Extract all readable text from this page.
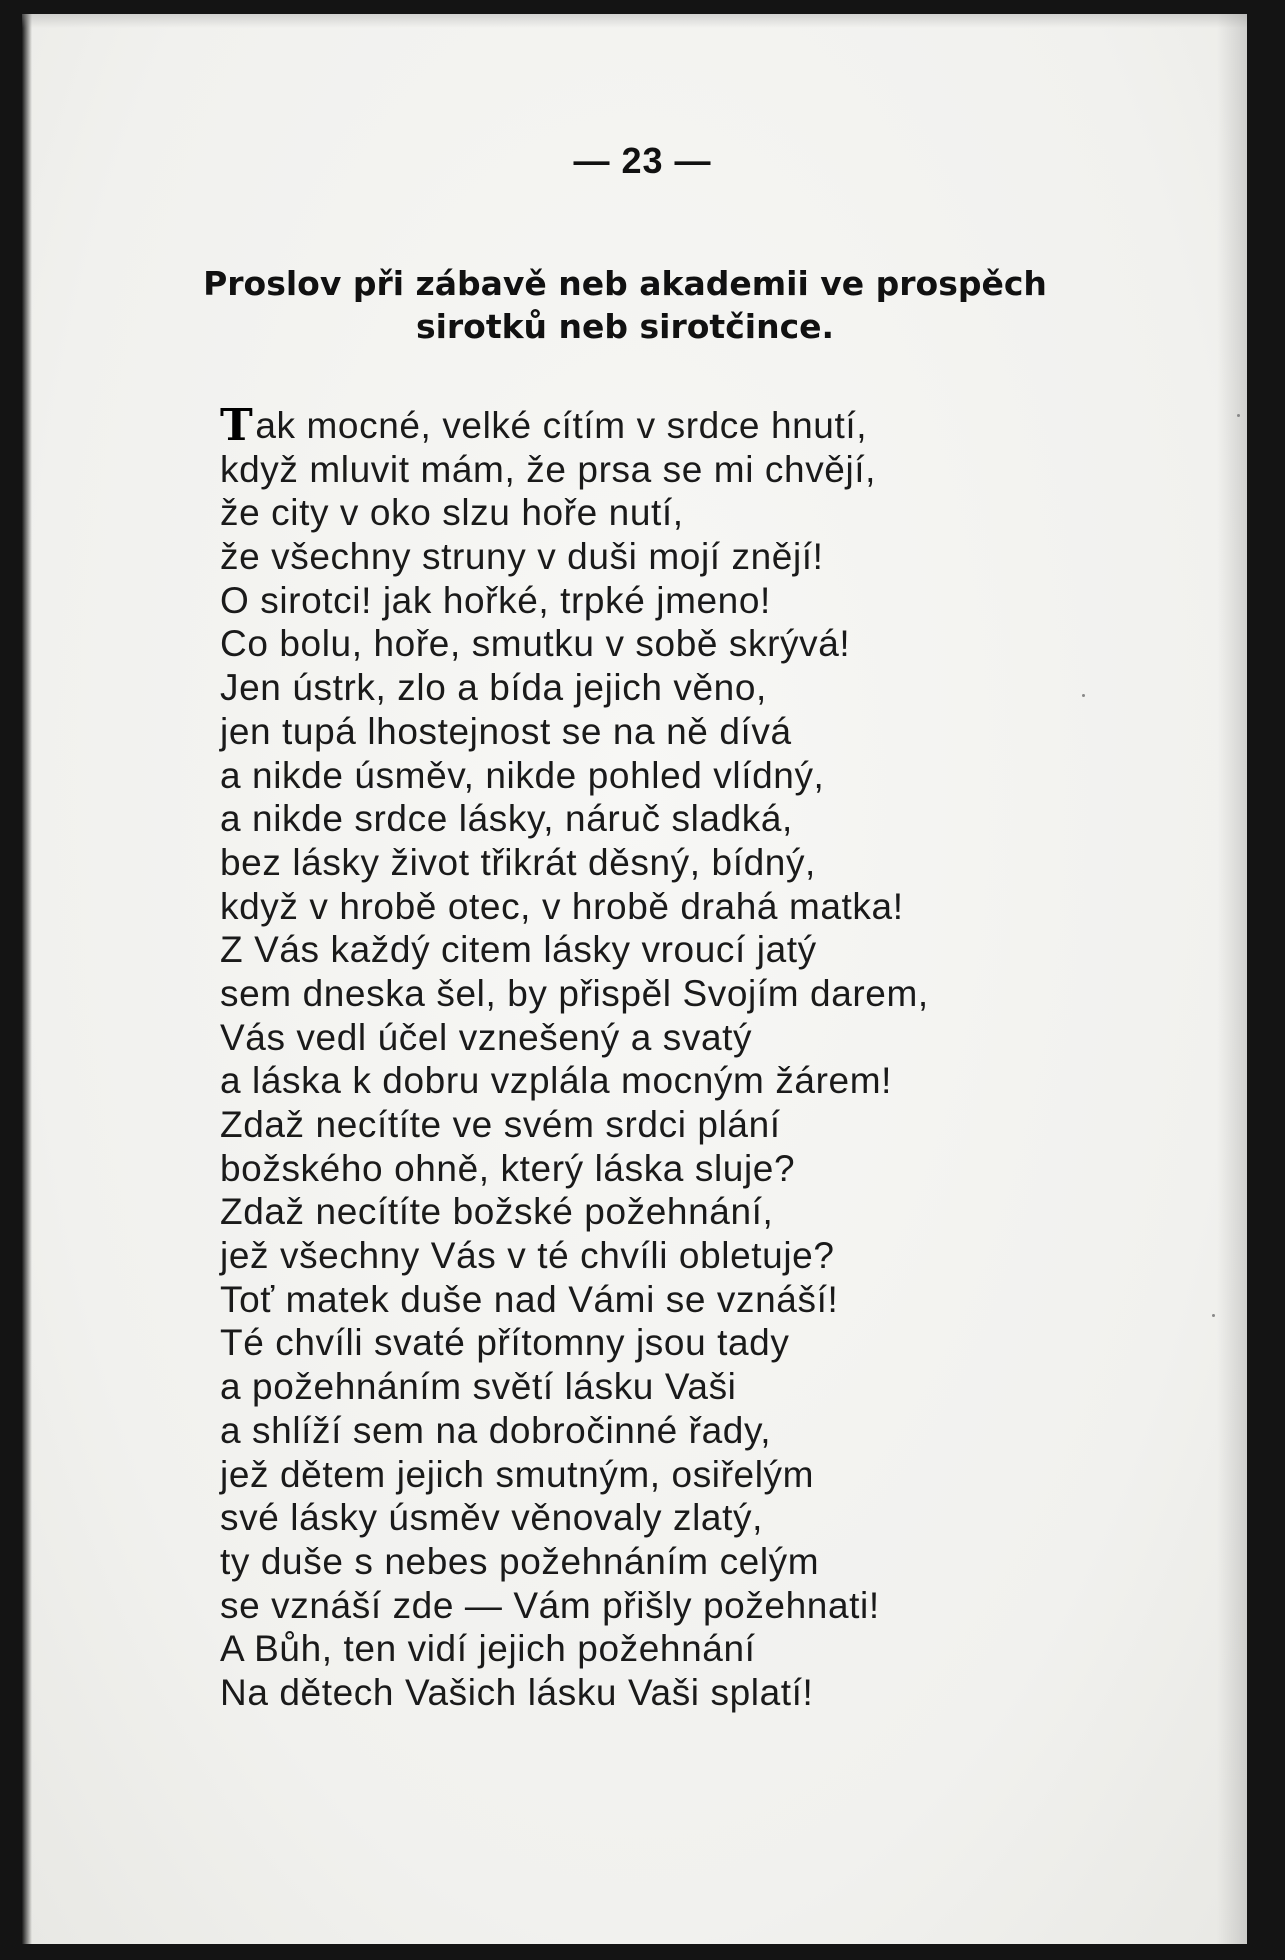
— 23 —
Proslov při zábavě neb akademii ve prospěch
sirotků neb sirotčince.
Tak mocné, velké cítím v srdce hnutí,
když mluvit mám, že prsa se mi chvějí,
že city v oko slzu hoře nutí,
že všechny struny v duši mojí znějí!
O sirotci! jak hořké, trpké jmeno!
Co bolu, hoře, smutku v sobě skrývá!
Jen ústrk, zlo a bída jejich věno,
jen tupá lhostejnost se na ně dívá
a nikde úsměv, nikde pohled vlídný,
a nikde srdce lásky, náruč sladká,
bez lásky život třikrát děsný, bídný,
když v hrobě otec, v hrobě drahá matka!
Z Vás každý citem lásky vroucí jatý
sem dneska šel, by přispěl Svojím darem,
Vás vedl účel vznešený a svatý
a láska k dobru vzplála mocným žárem!
Zdaž necítíte ve svém srdci plání
božského ohně, který láska sluje?
Zdaž necítíte božské požehnání,
jež všechny Vás v té chvíli obletuje?
Toť matek duše nad Vámi se vznáší!
Té chvíli svaté přítomny jsou tady
a požehnáním světí lásku Vaši
a shlíží sem na dobročinné řady,
jež dětem jejich smutným, osiřelým
své lásky úsměv věnovaly zlatý,
ty duše s nebes požehnáním celým
se vznáší zde — Vám přišly požehnati!
A Bůh, ten vidí jejich požehnání
Na dětech Vašich lásku Vaši splatí!
